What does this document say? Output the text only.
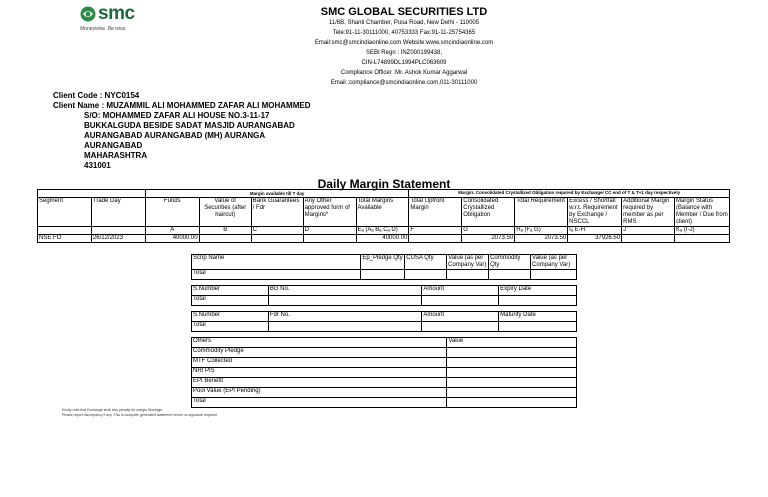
smc
Moneywise. Be wise.
SMC GLOBAL SECURITIES LTD
11/6B, Shanti Chamber, Pusa Road, New Delhi - 110005
Tele:91-11-30111000, 40753333 Fax:91-11-25754365
Email:smc@smcindiaonline.com Website:www.smcindiaonline.com
SEBI Regn : INZ000199438,
CIN-L74899DL1994PLC063609
Compliance Officer :Mr. Ashok Kumar Aggarwal
Email :compliance@smcindiaonline.com,011-30111000
Client Code : NYC0154
Client Name : MUZAMMIL ALI MOHAMMED ZAFAR ALI MOHAMMED
S/O: MOHAMMED ZAFAR ALI HOUSE NO.3-11-17
BUKKALGUDA BESIDE SADAT MASJID AURANGABAD
AURANGABAD AURANGABAD (MH) AURANGA
AURANGABAD
MAHARASHTRA
431001
Daily Margin Statement
		Margin available till T day					Margin: Consolidated Crystallized Obligation required by Exchange/ CC end of T & T+1 day respectively					
Segment	Trade Day	Funds	Value of Securities (after haircut)	Bank Guarantees / Fdr	Any Other approved form of Margins*	Total Margins Available	Total Upfront Margin	Consolidated Crystallized Obligation	Total Requirement	Excess / Shortfall w.r.t. Requirement by Exchange / NSCCL	Additional Margin required by member as per RMS	Margin Status (Balance with Member / Due from client)
		A	B	C	D	Eₐ (Aₐ Bₐ Cₐ D)	F	G	Hₐ (Fₐ G)	Iₐ E-H	J	Kₐ (I-J)
NSE FO	26/12/2023	40000.00				40000.00		2073.50	2073.50	37926.50		
Scrip Name	Ep_Pledge Qty	CUSA Qty	Value (as per Company Var)	Commodity Qty	Value (as per Company Var)
Total					
S.Number	BG No.	Amount	Expiry Date
Total			
S.Number	Fdr No.	Amount	Maturity Date
Total			
Others	Value
Commodity Pledge	
MTF Collected	
NRI PIS	
EPI Benefit	
Pool Value (EPI Pending)	
Total	
Kindly note that Exchange shall levy penalty for margin Shortage.
Please report discrepancy if any. This is computer generated statement hence no signature required.
